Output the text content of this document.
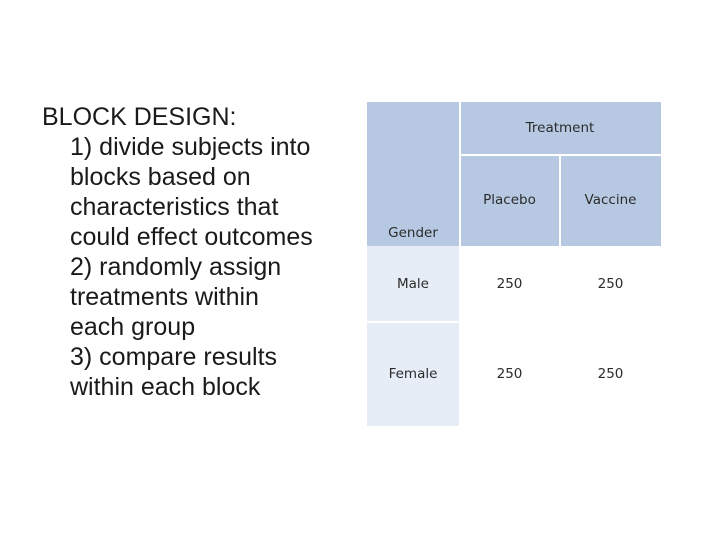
BLOCK DESIGN:
1) divide subjects into
blocks based on
characteristics that
could effect outcomes
2) randomly assign
treatments within
each group
3) compare results
within each block
Treatment
Placebo	Vaccine
Gender
Male	250	250
Female	250	250
